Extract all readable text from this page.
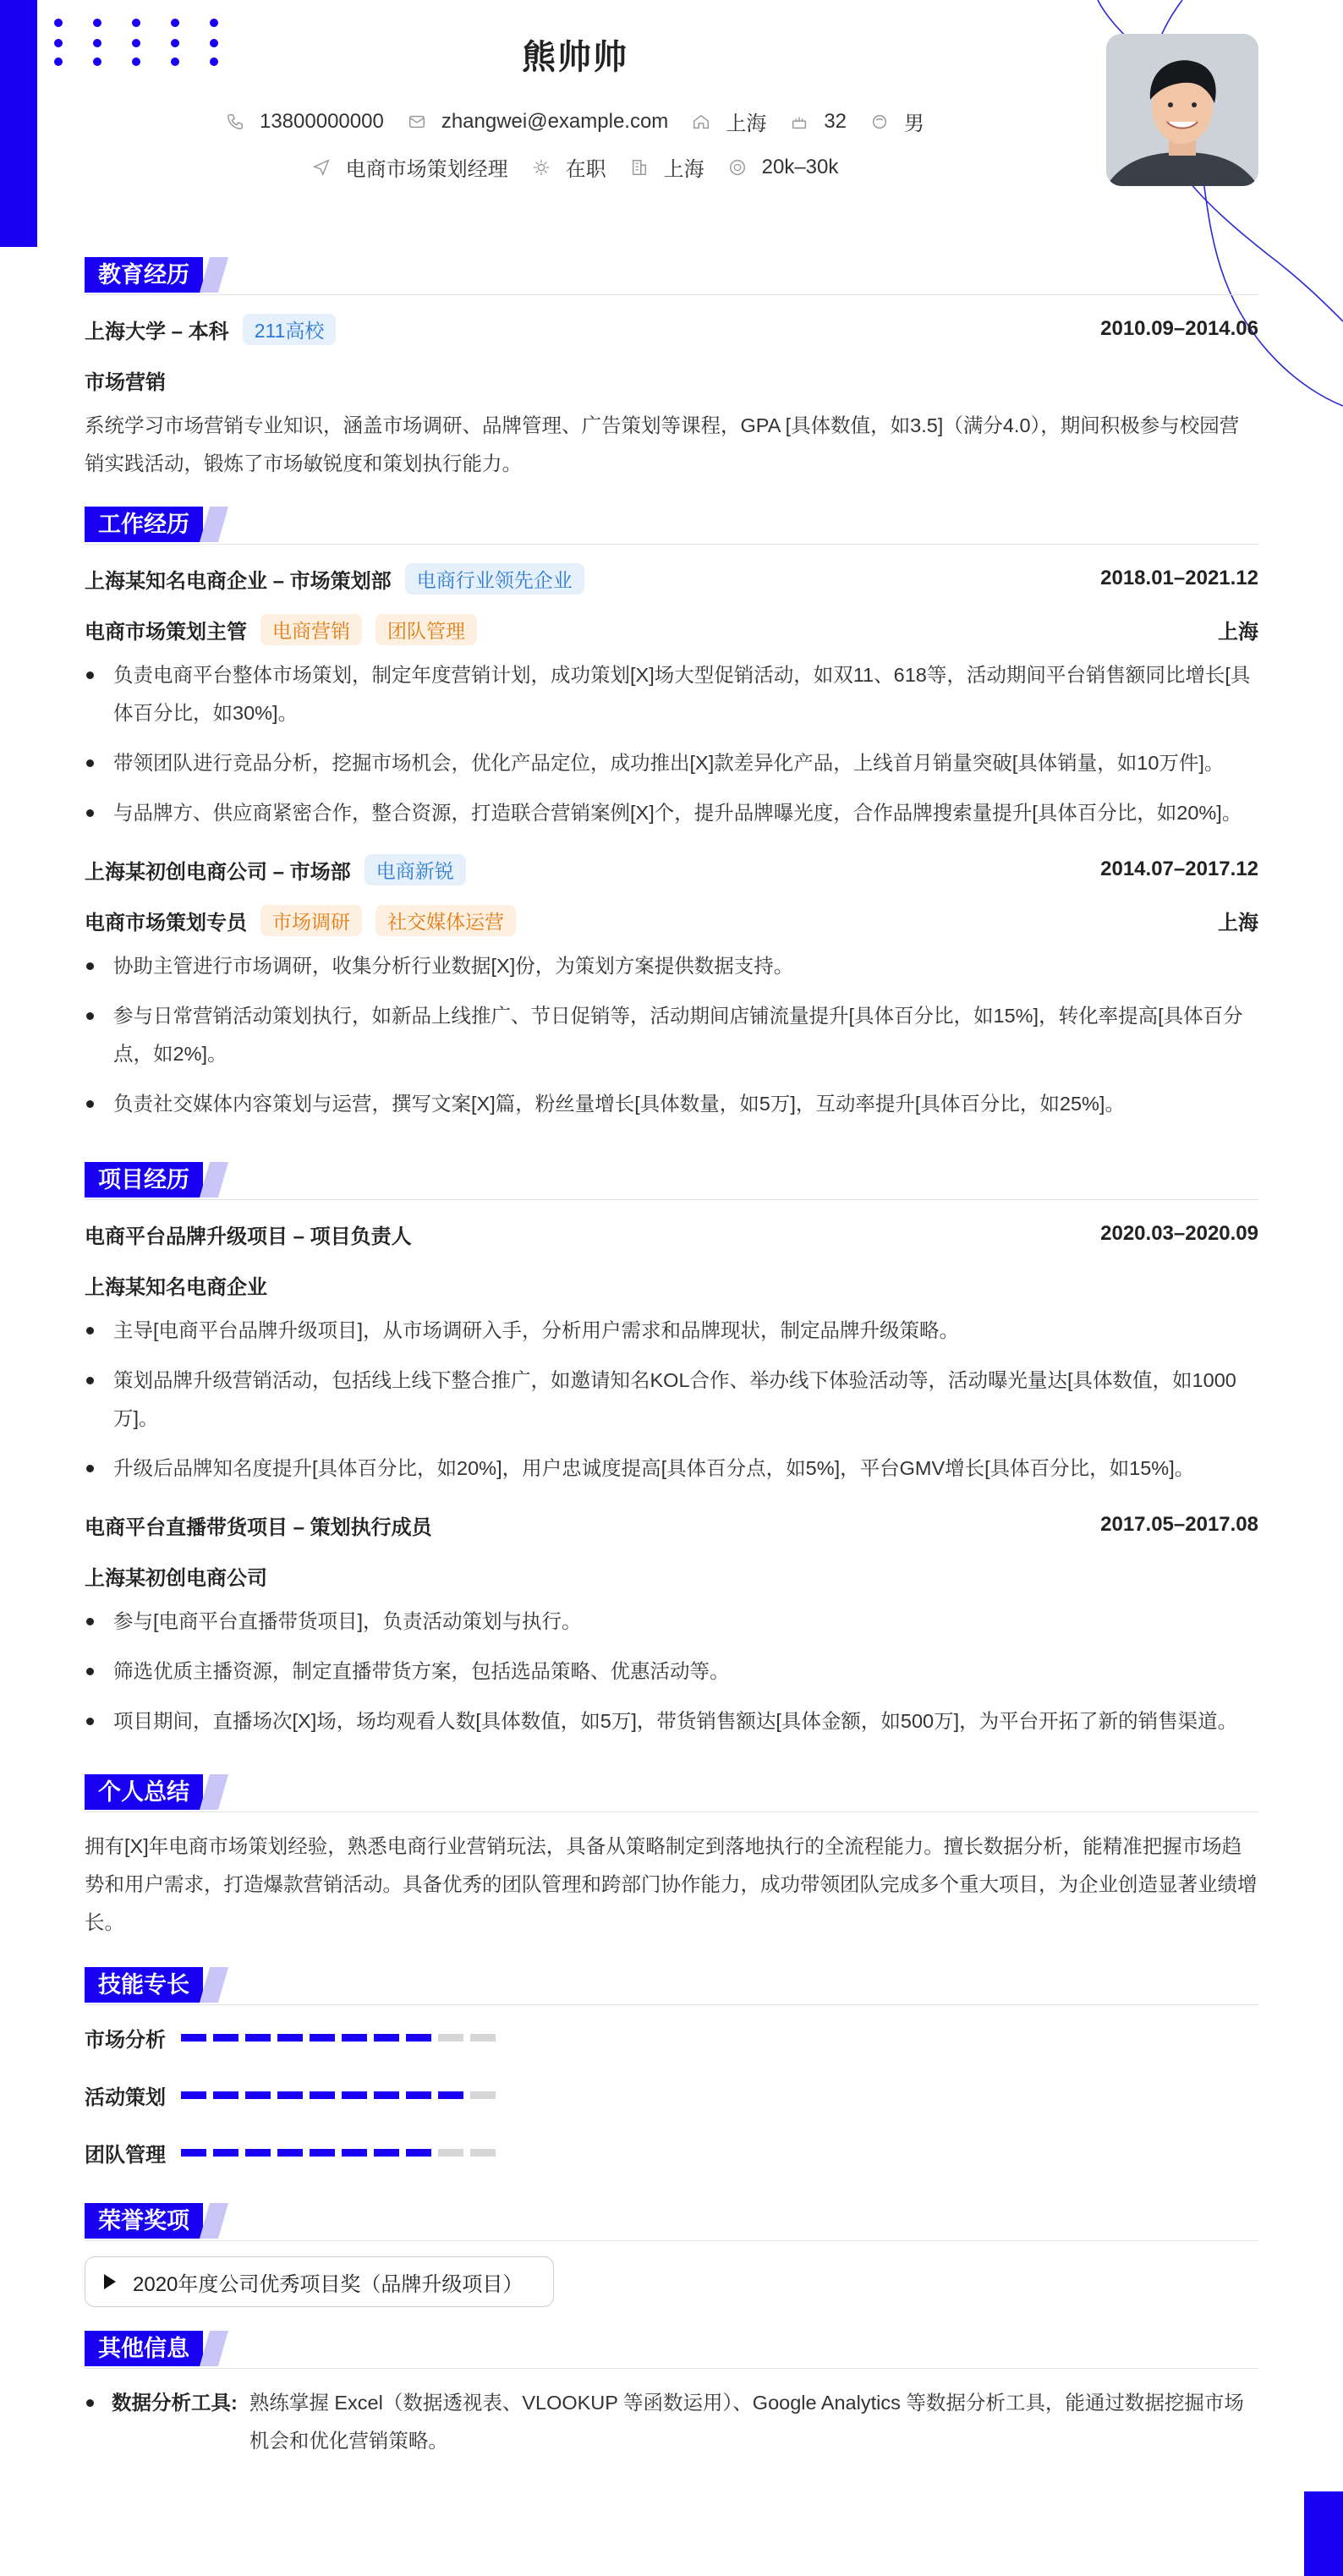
熊帅帅
13800000000	zhangwei@example.com	上海	32	男
电商市场策划经理	在职	上海	20k–30k
教育经历
上海大学 – 本科	211高校	2010.09–2014.06
市场营销
系统学习市场营销专业知识，涵盖市场调研、品牌管理、广告策划等课程，GPA [具体数值，如3.5]（满分4.0），期间积极参与校园营销实践活动，锻炼了市场敏锐度和策划执行能力。
工作经历
上海某知名电商企业 – 市场策划部	电商行业领先企业	2018.01–2021.12
电商市场策划主管	电商营销	团队管理	上海
负责电商平台整体市场策划，制定年度营销计划，成功策划[X]场大型促销活动，如双11、618等，活动期间平台销售额同比增长[具体百分比，如30%]。
带领团队进行竞品分析，挖掘市场机会，优化产品定位，成功推出[X]款差异化产品，上线首月销量突破[具体销量，如10万件]。
与品牌方、供应商紧密合作，整合资源，打造联合营销案例[X]个，提升品牌曝光度，合作品牌搜索量提升[具体百分比，如20%]。
上海某初创电商公司 – 市场部	电商新锐	2014.07–2017.12
电商市场策划专员	市场调研	社交媒体运营	上海
协助主管进行市场调研，收集分析行业数据[X]份，为策划方案提供数据支持。
参与日常营销活动策划执行，如新品上线推广、节日促销等，活动期间店铺流量提升[具体百分比，如15%]，转化率提高[具体百分点，如2%]。
负责社交媒体内容策划与运营，撰写文案[X]篇，粉丝量增长[具体数量，如5万]，互动率提升[具体百分比，如25%]。
项目经历
电商平台品牌升级项目 – 项目负责人	2020.03–2020.09
上海某知名电商企业
主导[电商平台品牌升级项目]，从市场调研入手，分析用户需求和品牌现状，制定品牌升级策略。
策划品牌升级营销活动，包括线上线下整合推广，如邀请知名KOL合作、举办线下体验活动等，活动曝光量达[具体数值，如1000万]。
升级后品牌知名度提升[具体百分比，如20%]，用户忠诚度提高[具体百分点，如5%]，平台GMV增长[具体百分比，如15%]。
电商平台直播带货项目 – 策划执行成员	2017.05–2017.08
上海某初创电商公司
参与[电商平台直播带货项目]，负责活动策划与执行。
筛选优质主播资源，制定直播带货方案，包括选品策略、优惠活动等。
项目期间，直播场次[X]场，场均观看人数[具体数值，如5万]，带货销售额达[具体金额，如500万]，为平台开拓了新的销售渠道。
个人总结
拥有[X]年电商市场策划经验，熟悉电商行业营销玩法，具备从策略制定到落地执行的全流程能力。擅长数据分析，能精准把握市场趋势和用户需求，打造爆款营销活动。具备优秀的团队管理和跨部门协作能力，成功带领团队完成多个重大项目，为企业创造显著业绩增长。
技能专长
市场分析
活动策划
团队管理
荣誉奖项
2020年度公司优秀项目奖（品牌升级项目）
其他信息
数据分析工具: 熟练掌握 Excel（数据透视表、VLOOKUP 等函数运用）、Google Analytics 等数据分析工具，能通过数据挖掘市场机会和优化营销策略。
